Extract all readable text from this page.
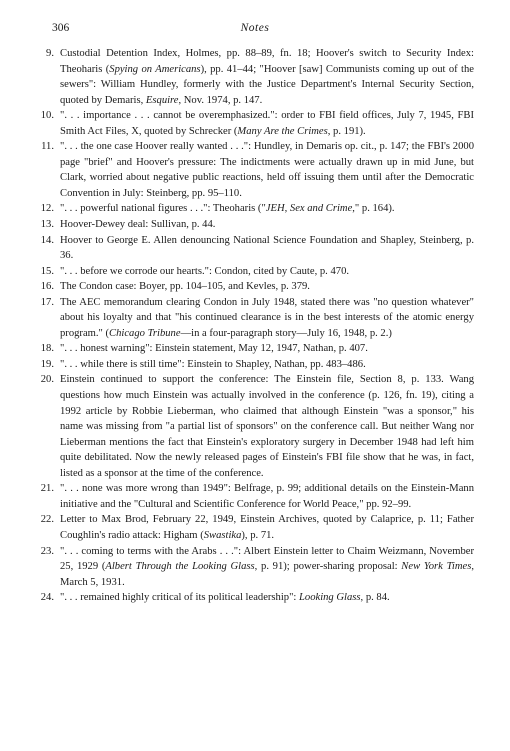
306	Notes
9. Custodial Detention Index, Holmes, pp. 88–89, fn. 18; Hoover's switch to Security Index: Theoharis (Spying on Americans), pp. 41–44; "Hoover [saw] Communists coming up out of the sewers": William Hundley, formerly with the Justice Department's Internal Security Section, quoted by Demaris, Esquire, Nov. 1974, p. 147.
10. ". . . importance . . . cannot be overemphasized.": order to FBI field offices, July 7, 1945, FBI Smith Act Files, X, quoted by Schrecker (Many Are the Crimes, p. 191).
11. ". . . the one case Hoover really wanted . . .": Hundley, in Demaris op. cit., p. 147; the FBI's 2000 page "brief" and Hoover's pressure: The indictments were actually drawn up in mid June, but Clark, worried about negative public reactions, held off issuing them until after the Democratic Convention in July: Steinberg, pp. 95–110.
12. ". . . powerful national figures . . .": Theoharis ("JEH, Sex and Crime," p. 164).
13. Hoover-Dewey deal: Sullivan, p. 44.
14. Hoover to George E. Allen denouncing National Science Foundation and Shapley, Steinberg, p. 36.
15. ". . . before we corrode our hearts.": Condon, cited by Caute, p. 470.
16. The Condon case: Boyer, pp. 104–105, and Kevles, p. 379.
17. The AEC memorandum clearing Condon in July 1948, stated there was "no question whatever" about his loyalty and that "his continued clearance is in the best interests of the atomic energy program." (Chicago Tribune—in a four-paragraph story—July 16, 1948, p. 2.)
18. ". . . honest warning": Einstein statement, May 12, 1947, Nathan, p. 407.
19. ". . . while there is still time": Einstein to Shapley, Nathan, pp. 483–486.
20. Einstein continued to support the conference: The Einstein file, Section 8, p. 133. Wang questions how much Einstein was actually involved in the conference (p. 126, fn. 19), citing a 1992 article by Robbie Lieberman, who claimed that although Einstein "was a sponsor," his name was missing from "a partial list of sponsors" on the conference call. But neither Wang nor Lieberman mentions the fact that Einstein's exploratory surgery in December 1948 had left him quite debilitated. Now the newly released pages of Einstein's FBI file show that he was, in fact, listed as a sponsor at the time of the conference.
21. ". . . none was more wrong than 1949": Belfrage, p. 99; additional details on the Einstein-Mann initiative and the "Cultural and Scientific Conference for World Peace," pp. 92–99.
22. Letter to Max Brod, February 22, 1949, Einstein Archives, quoted by Calaprice, p. 11; Father Coughlin's radio attack: Higham (Swastika), p. 71.
23. ". . . coming to terms with the Arabs . . .": Albert Einstein letter to Chaim Weizmann, November 25, 1929 (Albert Through the Looking Glass, p. 91); power-sharing proposal: New York Times, March 5, 1931.
24. ". . . remained highly critical of its political leadership": Looking Glass, p. 84.
